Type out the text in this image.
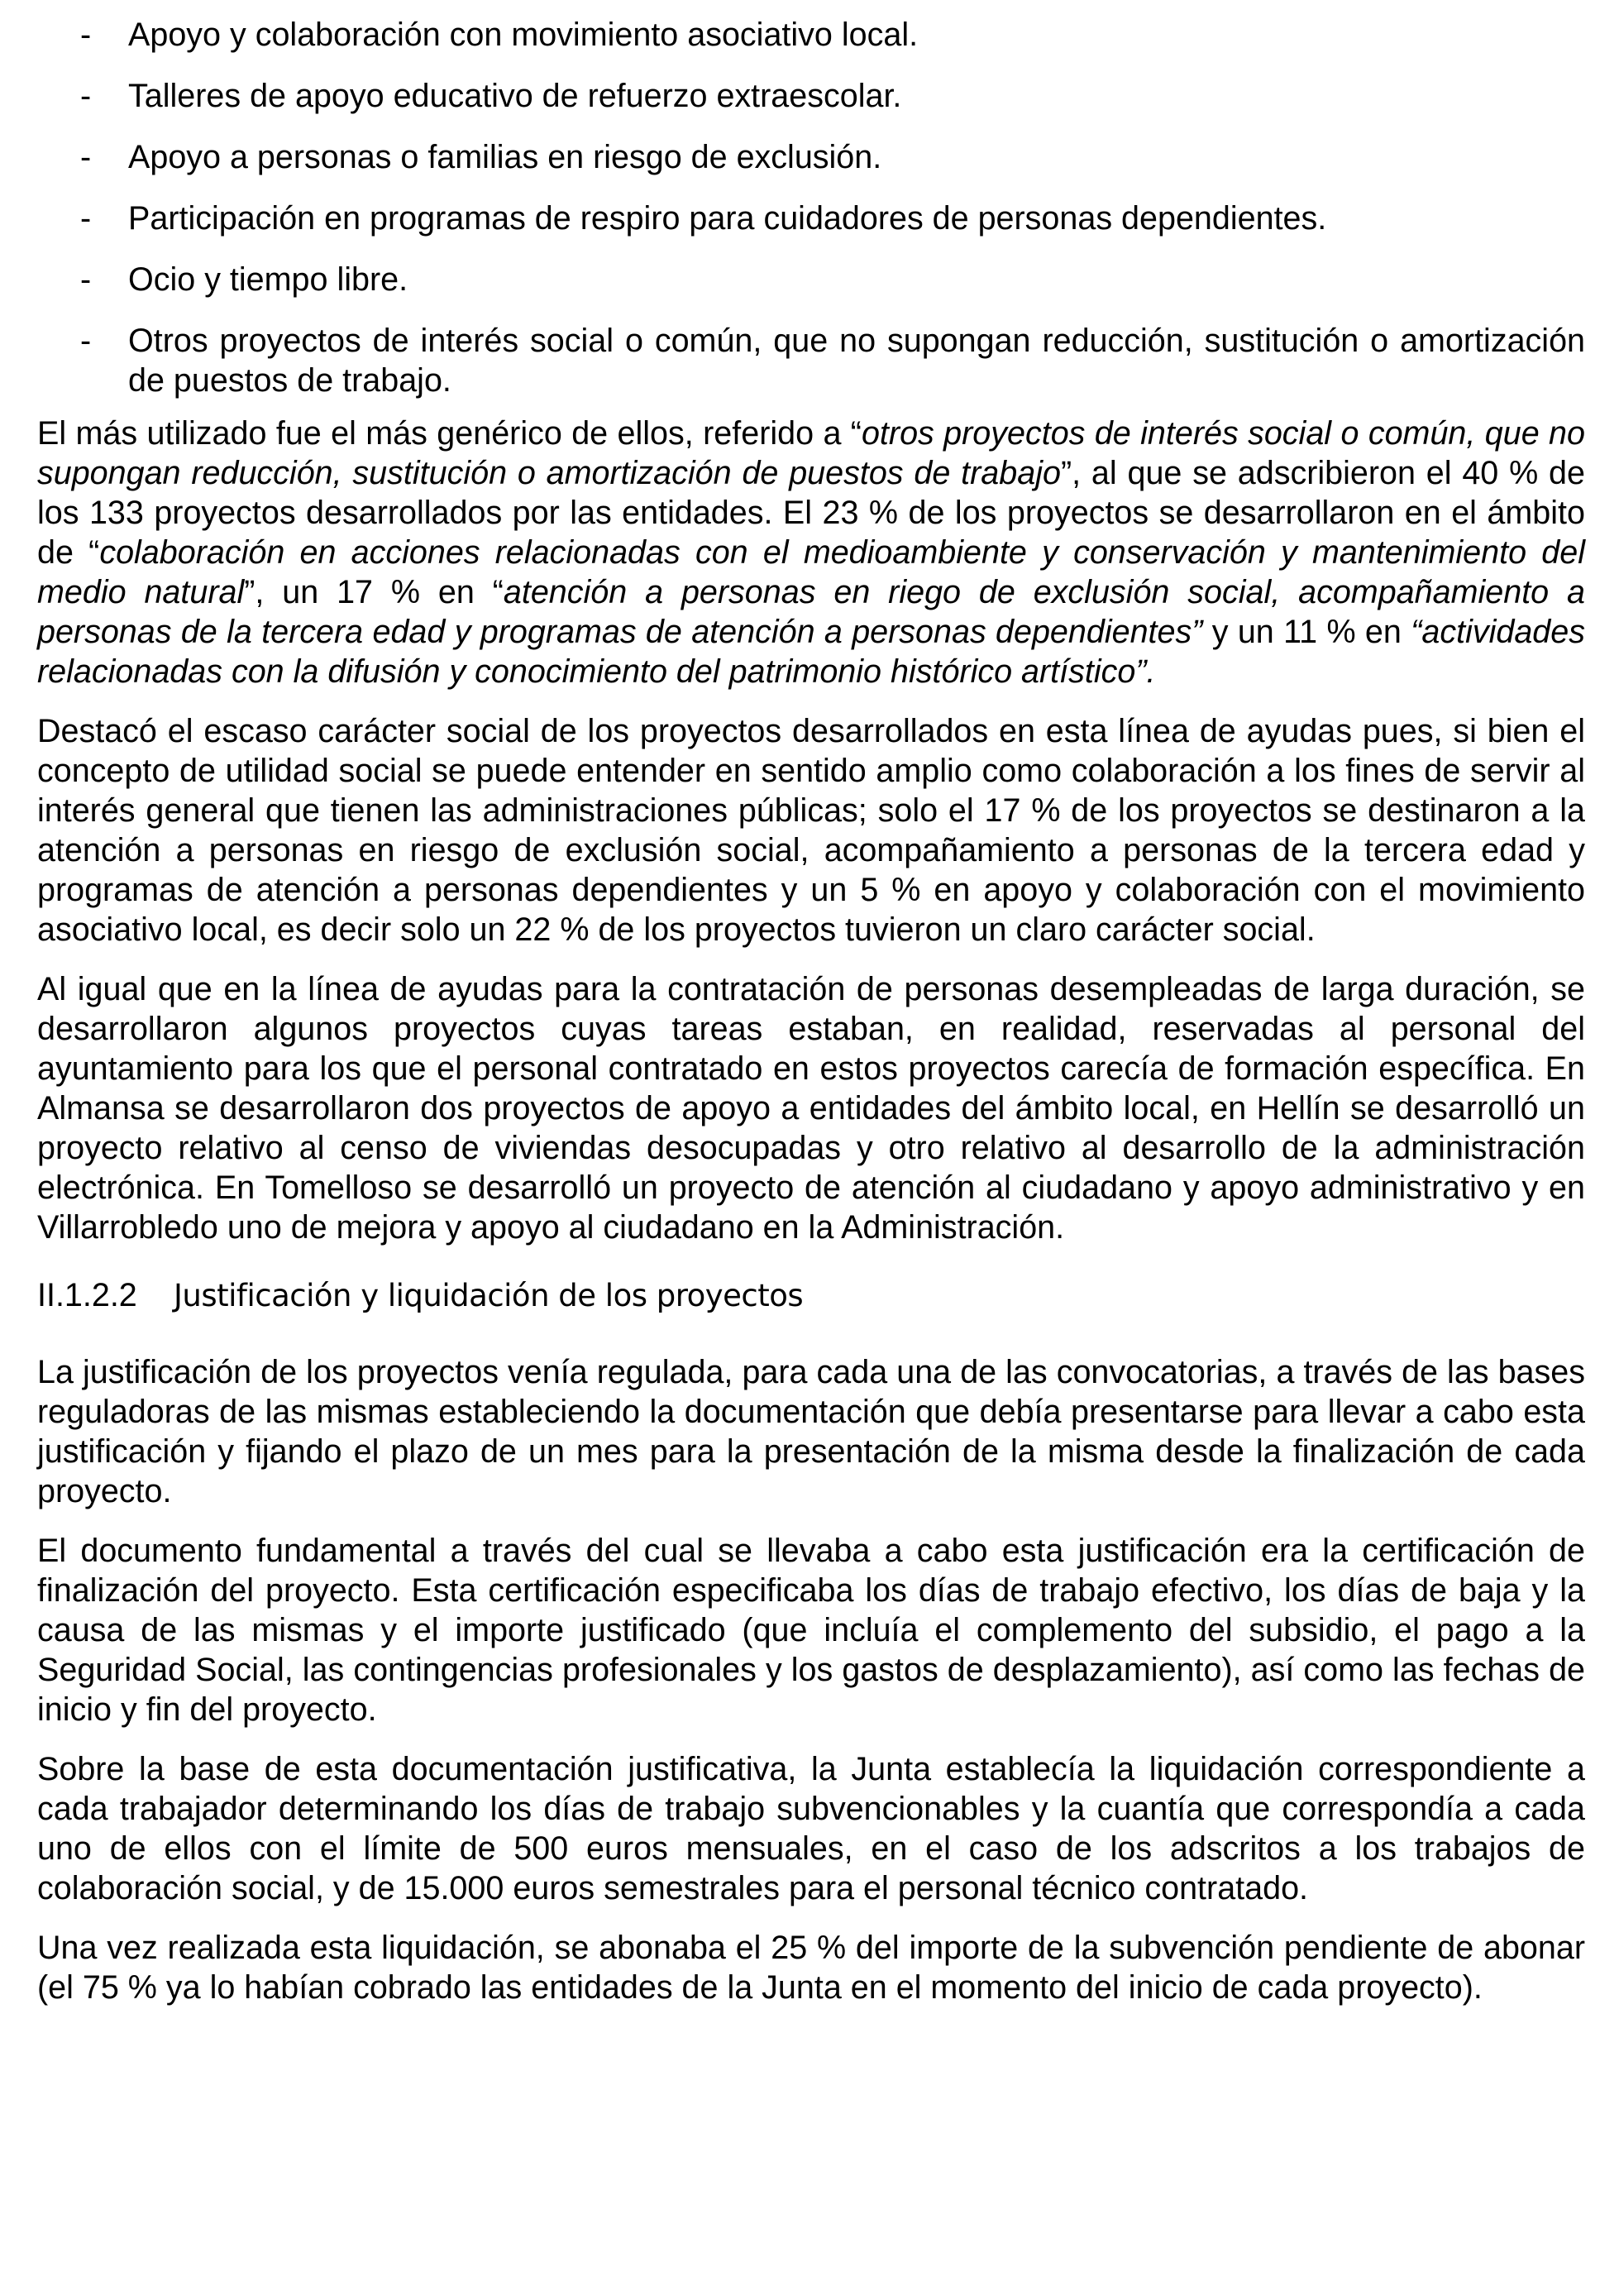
- Apoyo y colaboración con movimiento asociativo local.
- Talleres de apoyo educativo de refuerzo extraescolar.
- Apoyo a personas o familias en riesgo de exclusión.
- Participación en programas de respiro para cuidadores de personas dependientes.
- Ocio y tiempo libre.
- Otros proyectos de interés social o común, que no supongan reducción, sustitución o amortización de puestos de trabajo.

El más utilizado fue el más genérico de ellos, referido a “otros proyectos de interés social o común, que no supongan reducción, sustitución o amortización de puestos de trabajo”, al que se adscribieron el 40 % de los 133 proyectos desarrollados por las entidades. El 23 % de los proyectos se desarrollaron en el ámbito de “colaboración en acciones relacionadas con el medioambiente y conservación y mantenimiento del medio natural”, un 17 % en “atención a personas en riego de exclusión social, acompañamiento a personas de la tercera edad y programas de atención a personas dependientes” y un 11 % en “actividades relacionadas con la difusión y conocimiento del patrimonio histórico artístico”.

Destacó el escaso carácter social de los proyectos desarrollados en esta línea de ayudas pues, si bien el concepto de utilidad social se puede entender en sentido amplio como colaboración a los fines de servir al interés general que tienen las administraciones públicas; solo el 17 % de los proyectos se destinaron a la atención a personas en riesgo de exclusión social, acompañamiento a personas de la tercera edad y programas de atención a personas dependientes y un 5 % en apoyo y colaboración con el movimiento asociativo local, es decir solo un 22 % de los proyectos tuvieron un claro carácter social.

Al igual que en la línea de ayudas para la contratación de personas desempleadas de larga duración, se desarrollaron algunos proyectos cuyas tareas estaban, en realidad, reservadas al personal del ayuntamiento para los que el personal contratado en estos proyectos carecía de formación específica. En Almansa se desarrollaron dos proyectos de apoyo a entidades del ámbito local, en Hellín se desarrolló un proyecto relativo al censo de viviendas desocupadas y otro relativo al desarrollo de la administración electrónica. En Tomelloso se desarrolló un proyecto de atención al ciudadano y apoyo administrativo y en Villarrobledo uno de mejora y apoyo al ciudadano en la Administración.

II.1.2.2 Justificación y liquidación de los proyectos

La justificación de los proyectos venía regulada, para cada una de las convocatorias, a través de las bases reguladoras de las mismas estableciendo la documentación que debía presentarse para llevar a cabo esta justificación y fijando el plazo de un mes para la presentación de la misma desde la finalización de cada proyecto.

El documento fundamental a través del cual se llevaba a cabo esta justificación era la certificación de finalización del proyecto. Esta certificación especificaba los días de trabajo efectivo, los días de baja y la causa de las mismas y el importe justificado (que incluía el complemento del subsidio, el pago a la Seguridad Social, las contingencias profesionales y los gastos de desplazamiento), así como las fechas de inicio y fin del proyecto.

Sobre la base de esta documentación justificativa, la Junta establecía la liquidación correspondiente a cada trabajador determinando los días de trabajo subvencionables y la cuantía que correspondía a cada uno de ellos con el límite de 500 euros mensuales, en el caso de los adscritos a los trabajos de colaboración social, y de 15.000 euros semestrales para el personal técnico contratado.

Una vez realizada esta liquidación, se abonaba el 25 % del importe de la subvención pendiente de abonar (el 75 % ya lo habían cobrado las entidades de la Junta en el momento del inicio de cada proyecto).
